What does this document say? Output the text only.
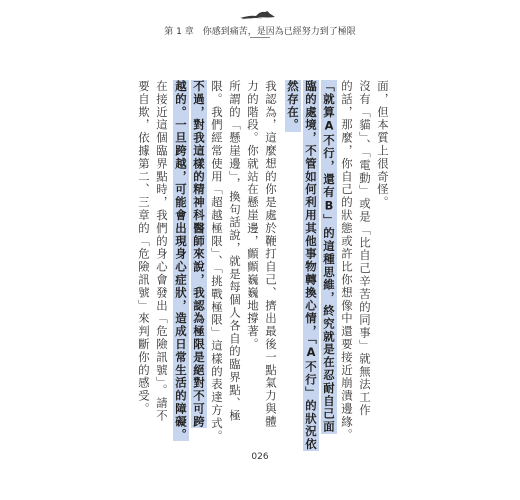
第 1 章　你感到痛苦，是因為已經努力到了極限
面，但本質上很奇怪。
沒有「貓」、「電動」或是「比自己辛苦的同事」就無法工作
的話，那麼，你自己的狀態或許比你想像中還要接近崩潰邊緣。
「就算A不行，還有B」的這種思維，終究就是在忍耐自己面
臨的處境，不管如何利用其他事物轉換心情，「A不行」的狀況依
然存在。
我認為，這麼想的你是處於鞭打自己、擠出最後一點氣力與體
力的階段。你就站在懸崖邊，顫顫巍巍地撐著。
所謂的「懸崖邊」，換句話說，就是每個人各自的臨界點、極
限。我們經常使用「超越極限」、「挑戰極限」這樣的表達方式。
不過，對我這樣的精神科醫師來說，我認為極限是絕對不可跨
越的。一旦跨越，可能會出現身心症狀，造成日常生活的障礙。
在接近這個臨界點時，我們的身心會發出「危險訊號」。請不
要自欺，依據第二、三章的「危險訊號」來判斷你的感受。
026
